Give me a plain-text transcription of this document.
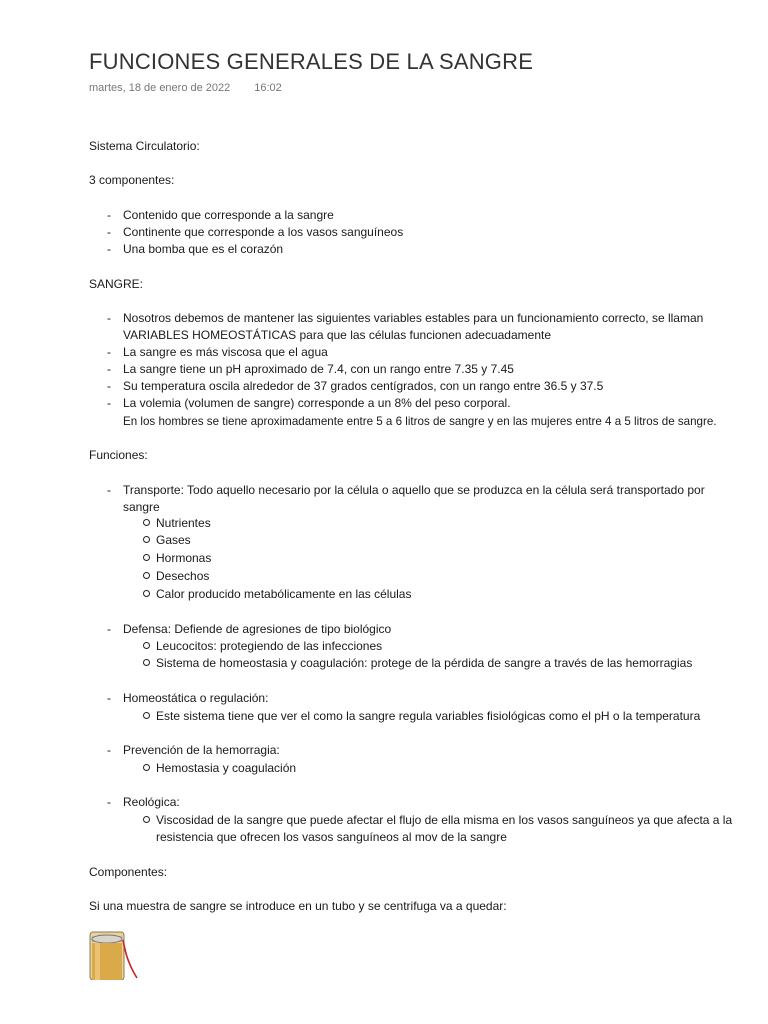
FUNCIONES GENERALES DE LA SANGRE
martes, 18 de enero de 2022 16:02
Sistema Circulatorio:
3 componentes:
- Contenido que corresponde a la sangre
- Continente que corresponde a los vasos sanguíneos
- Una bomba que es el corazón
SANGRE:
- Nosotros debemos de mantener las siguientes variables estables para un funcionamiento correcto, se llaman
VARIABLES HOMEOSTÁTICAS para que las células funcionen adecuadamente
- La sangre es más viscosa que el agua
- La sangre tiene un pH aproximado de 7.4, con un rango entre 7.35 y 7.45
- Su temperatura oscila alrededor de 37 grados centígrados, con un rango entre 36.5 y 37.5
- La volemia (volumen de sangre) corresponde a un 8% del peso corporal.
En los hombres se tiene aproximadamente entre 5 a 6 litros de sangre y en las mujeres entre 4 a 5 litros de sangre.
Funciones:
- Transporte: Todo aquello necesario por la célula o aquello que se produzca en la célula será transportado por
sangre
Nutrientes
Gases
Hormonas
Desechos
Calor producido metabólicamente en las células
- Defensa: Defiende de agresiones de tipo biológico
Leucocitos: protegiendo de las infecciones
Sistema de homeostasia y coagulación: protege de la pérdida de sangre a través de las hemorragias
- Homeostática o regulación:
Este sistema tiene que ver el como la sangre regula variables fisiológicas como el pH o la temperatura
- Prevención de la hemorragia:
Hemostasia y coagulación
- Reológica:
Viscosidad de la sangre que puede afectar el flujo de ella misma en los vasos sanguíneos ya que afecta a la
resistencia que ofrecen los vasos sanguíneos al mov de la sangre
Componentes:
Si una muestra de sangre se introduce en un tubo y se centrifuga va a quedar:
